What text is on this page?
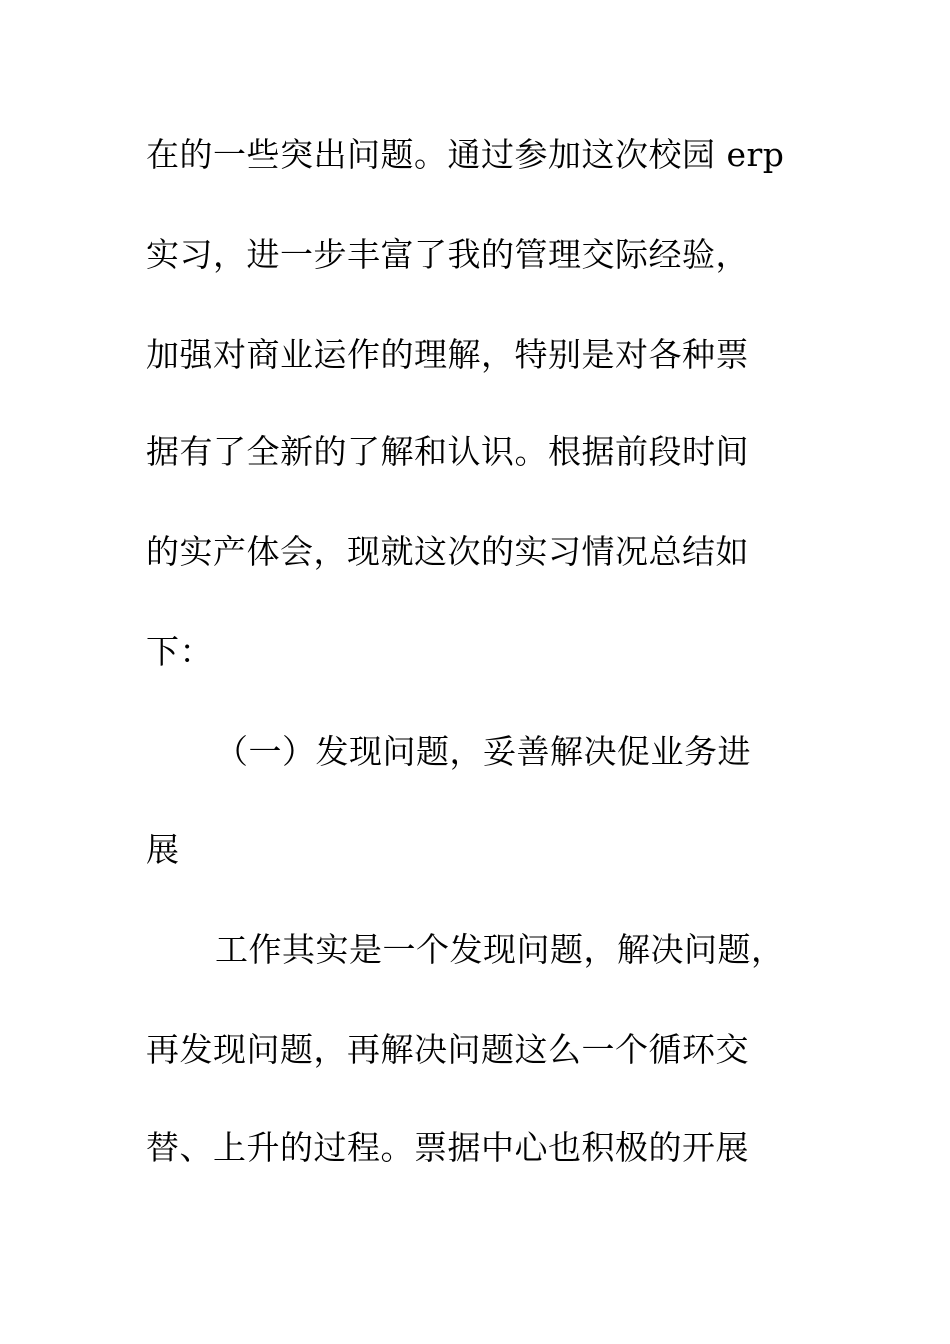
在的一些突出问题。通过参加这次校园 erp
实习，进一步丰富了我的管理交际经验，
加强对商业运作的理解，特别是对各种票
据有了全新的了解和认识。根据前段时间
的实产体会，现就这次的实习情况总结如
下：
（一）发现问题，妥善解决促业务进
展
工作其实是一个发现问题，解决问题，
再发现问题，再解决问题这么一个循环交
替、上升的过程。票据中心也积极的开展
